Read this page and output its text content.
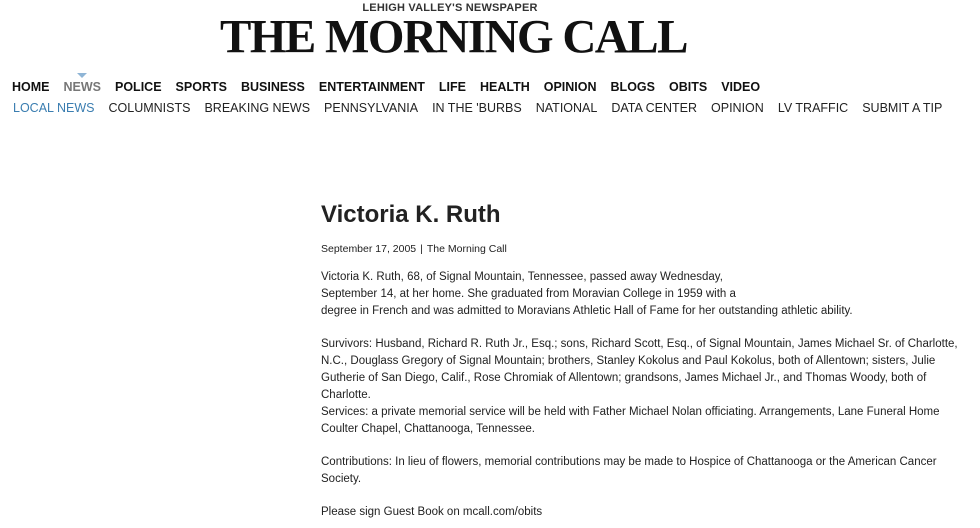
LEHIGH VALLEY'S NEWSPAPER
THE MORNING CALL
HOME NEWS POLICE SPORTS BUSINESS ENTERTAINMENT LIFE HEALTH OPINION BLOGS OBITS VIDEO
LOCAL NEWS COLUMNISTS BREAKING NEWS PENNSYLVANIA IN THE 'BURBS NATIONAL DATA CENTER OPINION LV TRAFFIC SUBMIT A TIP
Victoria K. Ruth
September 17, 2005 | The Morning Call

Victoria K. Ruth, 68, of Signal Mountain, Tennessee, passed away Wednesday,
September 14, at her home. She graduated from Moravian College in 1959 with a
degree in French and was admitted to Moravians Athletic Hall of Fame for her outstanding athletic ability.

Survivors: Husband, Richard R. Ruth Jr., Esq.; sons, Richard Scott, Esq., of Signal Mountain, James Michael Sr. of Charlotte, N.C., Douglass Gregory of Signal Mountain; brothers, Stanley Kokolus and Paul Kokolus, both of Allentown; sisters, Julie Gutherie of San Diego, Calif., Rose Chromiak of Allentown; grandsons, James Michael Jr., and Thomas Woody, both of Charlotte.

Services: a private memorial service will be held with Father Michael Nolan officiating. Arrangements, Lane Funeral Home Coulter Chapel, Chattanooga, Tennessee.

Contributions: In lieu of flowers, memorial contributions may be made to Hospice of Chattanooga or the American Cancer Society.

Please sign Guest Book on mcall.com/obits
